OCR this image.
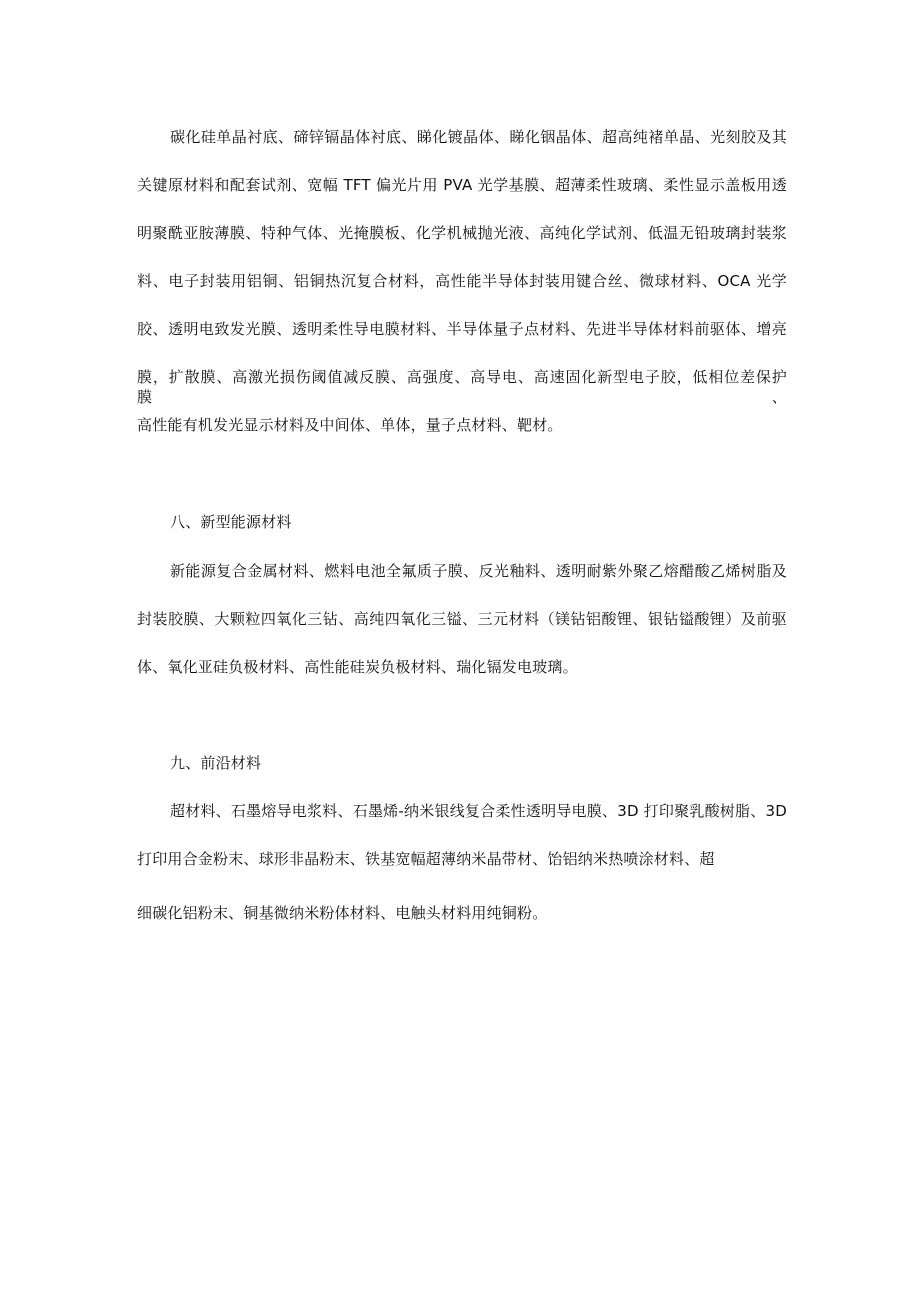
碳化硅单晶衬底、碲锌镉晶体衬底、睇化镀晶体、睇化铟晶体、超高纯褚单晶、光刻胶及其
关键原材料和配套试剂、宽幅 TFT 偏光片用 PVA 光学基膜、超薄柔性玻璃、柔性显示盖板用透
明聚酰亚胺薄膜、特种气体、光掩膜板、化学机械抛光液、高纯化学试剂、低温无铅玻璃封装浆
料、电子封装用铝铜、铝铜热沉复合材料，高性能半导体封装用键合丝、微球材料、OCA 光学
胶、透明电致发光膜、透明柔性导电膜材料、半导体量子点材料、先进半导体材料前驱体、增亮
膜，扩散膜、高激光损伤阈值减反膜、高强度、高导电、高速固化新型电子胶，低相位差保护膜、
高性能有机发光显示材料及中间体、单体，量子点材料、靶材。
八、新型能源材料
新能源复合金属材料、燃料电池全氟质子膜、反光釉料、透明耐紫外聚乙熔醋酸乙烯树脂及
封装胶膜、大颗粒四氧化三钻、高纯四氧化三镒、三元材料（镁钻铝酸锂、银钻镒酸锂）及前驱
体、氧化亚硅负极材料、高性能硅炭负极材料、瑞化镉发电玻璃。
九、前沿材料
超材料、石墨熔导电浆料、石墨烯-纳米银线复合柔性透明导电膜、3D 打印聚乳酸树脂、3D
打印用合金粉末、球形非晶粉末、铁基宽幅超薄纳米晶带材、饴铝纳米热喷涂材料、超
细碳化铝粉末、铜基微纳米粉体材料、电触头材料用纯铜粉。
